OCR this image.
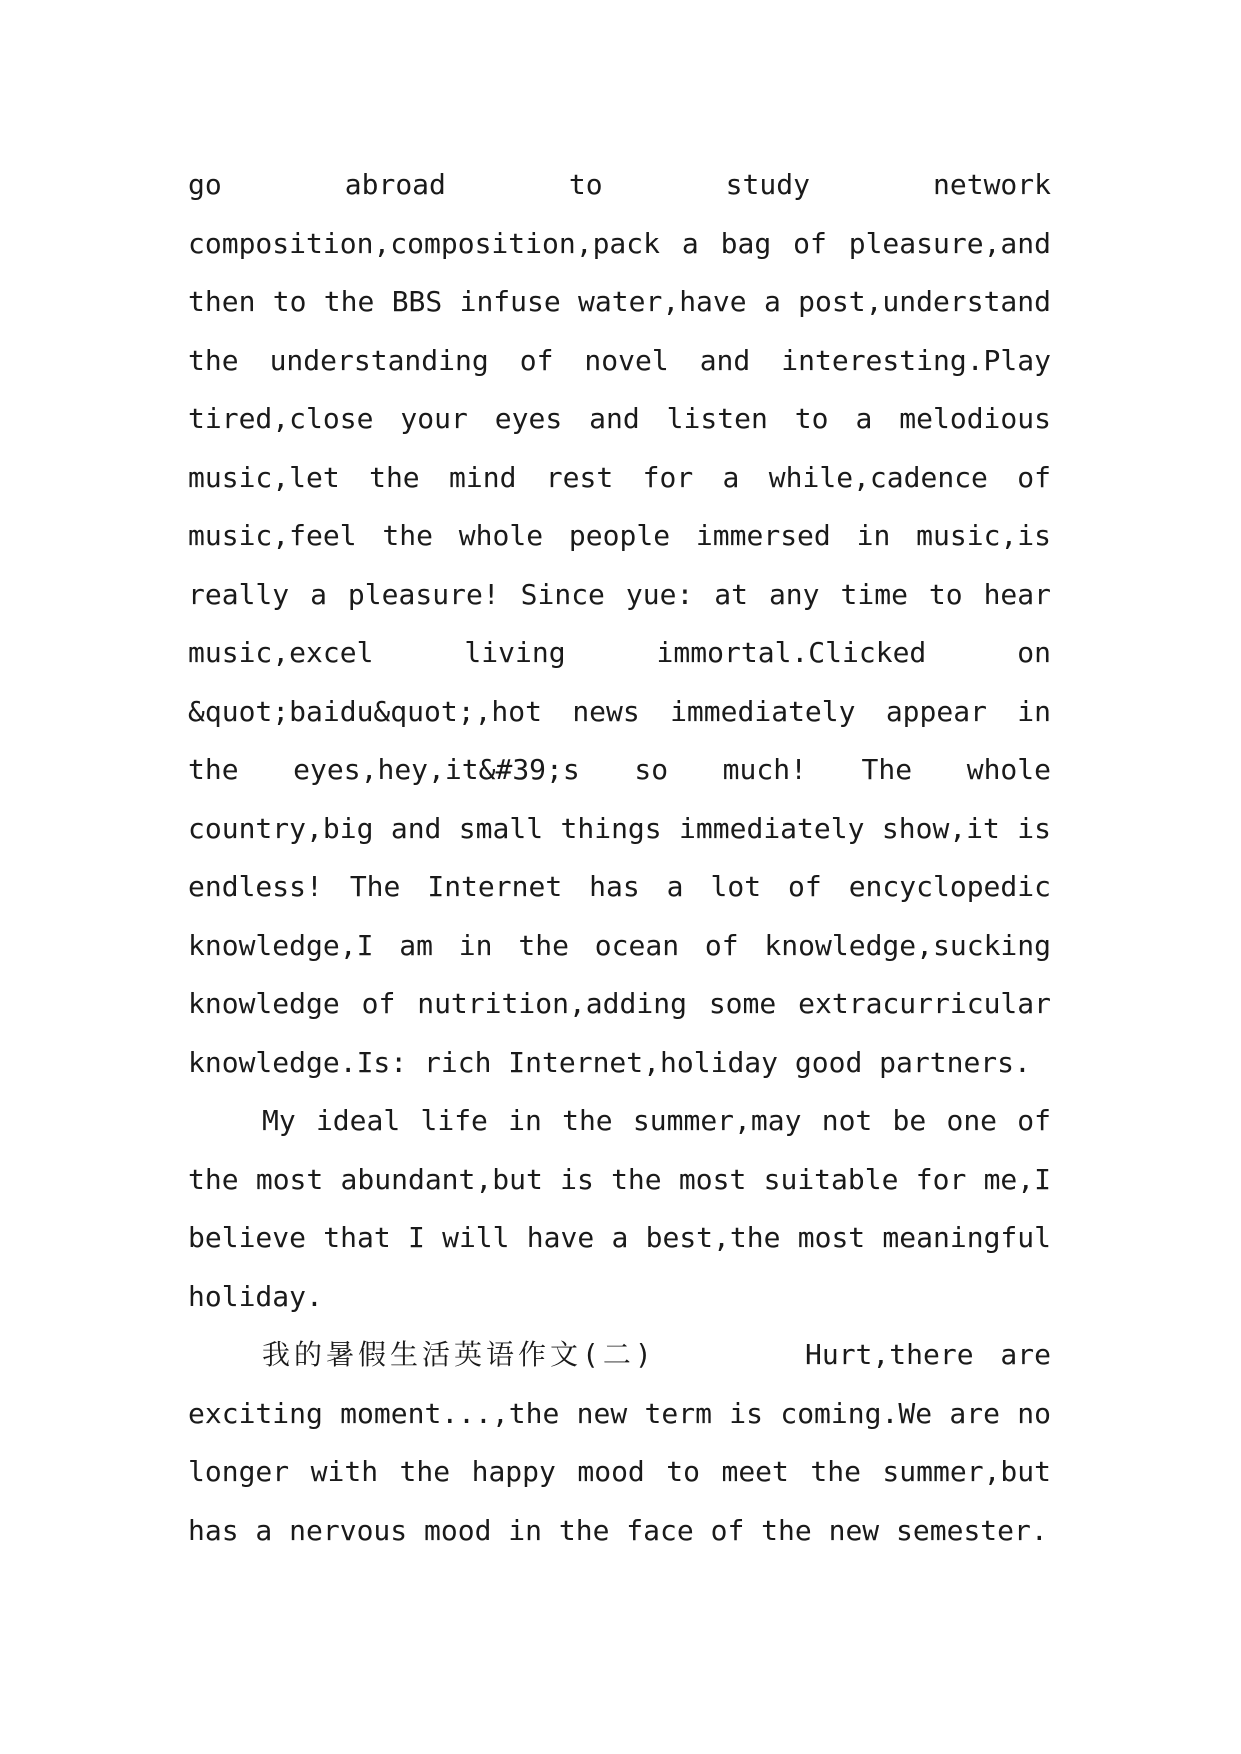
go abroad to study network
composition,composition,pack a bag of pleasure,and
then to the BBS infuse water,have a post,understand
the understanding of novel and interesting.Play
tired,close your eyes and listen to a melodious
music,let the mind rest for a while,cadence of
music,feel the whole people immersed in music,is
really a pleasure! Since yue: at any time to hear
music,excel living immortal.Clicked on
&quot;baidu&quot;,hot news immediately appear in
the eyes,hey,it&#39;s so much! The whole
country,big and small things immediately show,it is
endless! The Internet has a lot of encyclopedic
knowledge,I am in the ocean of knowledge,sucking
knowledge of nutrition,adding some extracurricular
knowledge.Is: rich Internet,holiday good partners.
My ideal life in the summer,may not be one of
the most abundant,but is the most suitable for me,I
believe that I will have a best,the most meaningful
holiday.
我的暑假生活英语作文(二)	Hurt,there are
exciting moment...,the new term is coming.We are no
longer with the happy mood to meet the summer,but
has a nervous mood in the face of the new semester.
